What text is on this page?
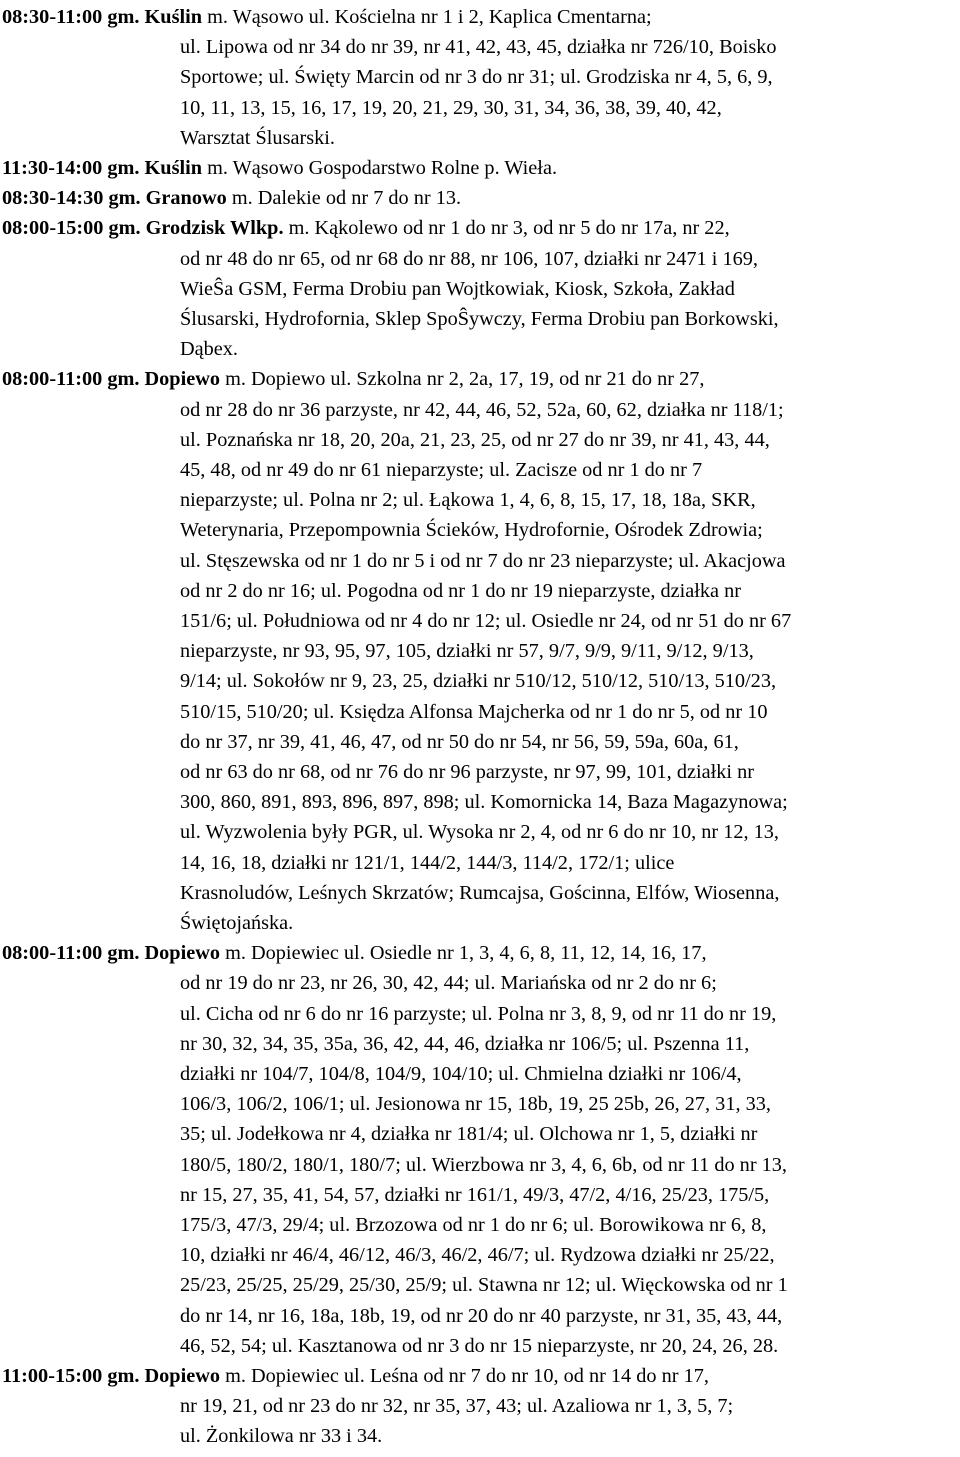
08:30-11:00 gm. Kuślin m. Wąsowo ul. Kościelna nr 1 i 2, Kaplica Cmentarna;
ul. Lipowa od nr 34 do nr 39, nr 41, 42, 43, 45, działka nr 726/10, Boisko
Sportowe; ul. Święty Marcin od nr 3 do nr 31; ul. Grodziska nr 4, 5, 6, 9,
10, 11, 13, 15, 16, 17, 19, 20, 21, 29, 30, 31, 34, 36, 38, 39, 40, 42,
Warsztat Ślusarski.
11:30-14:00 gm. Kuślin m. Wąsowo Gospodarstwo Rolne p. Wieła.
08:30-14:30 gm. Granowo m. Dalekie od nr 7 do nr 13.
08:00-15:00 gm. Grodzisk Wlkp. m. Kąkolewo od nr 1 do nr 3, od nr 5 do nr 17a, nr 22,
od nr 48 do nr 65, od nr 68 do nr 88, nr 106, 107, działki nr 2471 i 169,
WieŜa GSM, Ferma Drobiu pan Wojtkowiak, Kiosk, Szkoła, Zakład
Ślusarski, Hydrofornia, Sklep SpoŜywczy, Ferma Drobiu pan Borkowski,
Dąbex.
08:00-11:00 gm. Dopiewo m. Dopiewo ul. Szkolna nr 2, 2a, 17, 19, od nr 21 do nr 27,
od nr 28 do nr 36 parzyste, nr 42, 44, 46, 52, 52a, 60, 62, działka nr 118/1;
ul. Poznańska nr 18, 20, 20a, 21, 23, 25, od nr 27 do nr 39, nr 41, 43, 44,
45, 48, od nr 49 do nr 61 nieparzyste; ul. Zacisze od nr 1 do nr 7
nieparzyste; ul. Polna nr 2; ul. Łąkowa 1, 4, 6, 8, 15, 17, 18, 18a, SKR,
Weterynaria, Przepompownia Ścieków, Hydrofornie, Ośrodek Zdrowia;
ul. Stęszewska od nr 1 do nr 5 i od nr 7 do nr 23 nieparzyste; ul. Akacjowa
od nr 2 do nr 16; ul. Pogodna od nr 1 do nr 19 nieparzyste, działka nr
151/6; ul. Południowa od nr 4 do nr 12; ul. Osiedle nr 24, od nr 51 do nr 67
nieparzyste, nr 93, 95, 97, 105, działki nr 57, 9/7, 9/9, 9/11, 9/12, 9/13,
9/14; ul. Sokołów nr 9, 23, 25, działki nr 510/12, 510/12, 510/13, 510/23,
510/15, 510/20; ul. Księdza Alfonsa Majcherka od nr 1 do nr 5, od nr 10
do nr 37, nr 39, 41, 46, 47, od nr 50 do nr 54, nr 56, 59, 59a, 60a, 61,
od nr 63 do nr 68, od nr 76 do nr 96 parzyste, nr 97, 99, 101, działki nr
300, 860, 891, 893, 896, 897, 898; ul. Komornicka 14, Baza Magazynowa;
ul. Wyzwolenia były PGR, ul. Wysoka nr 2, 4, od nr 6 do nr 10, nr 12, 13,
14, 16, 18, działki nr 121/1, 144/2, 144/3, 114/2, 172/1; ulice
Krasnoludów, Leśnych Skrzatów; Rumcajsa, Gościnna, Elfów, Wiosenna,
Świętojańska.
08:00-11:00 gm. Dopiewo m. Dopiewiec ul. Osiedle nr 1, 3, 4, 6, 8, 11, 12, 14, 16, 17,
od nr 19 do nr 23, nr 26, 30, 42, 44; ul. Mariańska od nr 2 do nr 6;
ul. Cicha od nr 6 do nr 16 parzyste; ul. Polna nr 3, 8, 9, od nr 11 do nr 19,
nr 30, 32, 34, 35, 35a, 36, 42, 44, 46, działka nr 106/5; ul. Pszenna 11,
działki nr 104/7, 104/8, 104/9, 104/10; ul. Chmielna działki nr 106/4,
106/3, 106/2, 106/1; ul. Jesionowa nr 15, 18b, 19, 25 25b, 26, 27, 31, 33,
35; ul. Jodełkowa nr 4, działka nr 181/4; ul. Olchowa nr 1, 5, działki nr
180/5, 180/2, 180/1, 180/7; ul. Wierzbowa nr 3, 4, 6, 6b, od nr 11 do nr 13,
nr 15, 27, 35, 41, 54, 57, działki nr 161/1, 49/3, 47/2, 4/16, 25/23, 175/5,
175/3, 47/3, 29/4; ul. Brzozowa od nr 1 do nr 6; ul. Borowikowa nr 6, 8,
10, działki nr 46/4, 46/12, 46/3, 46/2, 46/7; ul. Rydzowa działki nr 25/22,
25/23, 25/25, 25/29, 25/30, 25/9; ul. Stawna nr 12; ul. Więckowska od nr 1
do nr 14, nr 16, 18a, 18b, 19, od nr 20 do nr 40 parzyste, nr 31, 35, 43, 44,
46, 52, 54; ul. Kasztanowa od nr 3 do nr 15 nieparzyste, nr 20, 24, 26, 28.
11:00-15:00 gm. Dopiewo m. Dopiewiec ul. Leśna od nr 7 do nr 10, od nr 14 do nr 17,
nr 19, 21, od nr 23 do nr 32, nr 35, 37, 43; ul. Azaliowa nr 1, 3, 5, 7;
ul. Żonkilowa nr 33 i 34.
